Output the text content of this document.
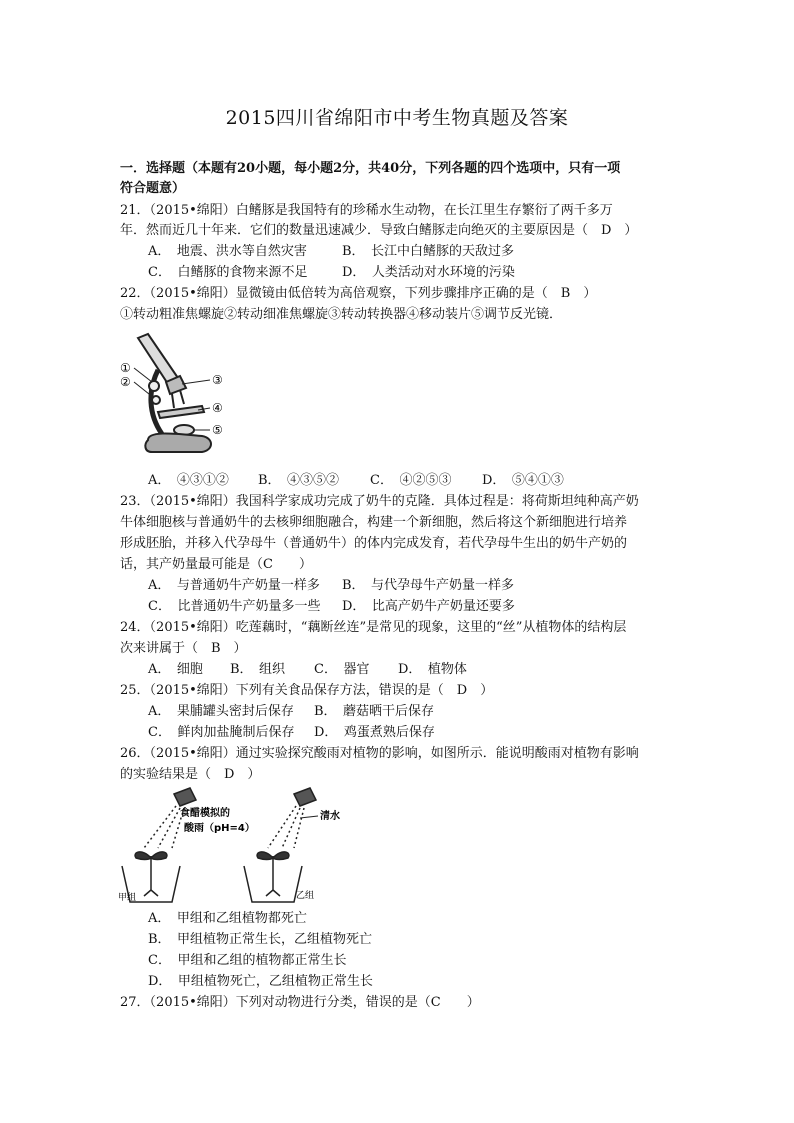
2015四川省绵阳市中考生物真题及答案
一．选择题（本题有20小题，每小题2分，共40分，下列各题的四个选项中，只有一项
符合题意）
21．（2015•绵阳）白鳍豚是我国特有的珍稀水生动物，在长江里生存繁衍了两千多万
年．然而近几十年来．它们的数量迅速减少．导致白鳍豚走向绝灭的主要原因是（　D　）
A．　地震、洪水等自然灾害	B．　长江中白鳍豚的天敌过多
C．　白鳍豚的食物来源不足	D．　人类活动对水环境的污染
22．（2015•绵阳）显微镜由低倍转为高倍观察，下列步骤排序正确的是（　B　）
①转动粗准焦螺旋②转动细准焦螺旋③转动转换器④移动装片⑤调节反光镜．
①
②	③
④
⑤
A．　④③①② B．　④③⑤② C．　④②⑤③ D．　⑤④①③
23．（2015•绵阳）我国科学家成功完成了奶牛的克隆．具体过程是：将荷斯坦纯种高产奶
牛体细胞核与普通奶牛的去核卵细胞融合，构建一个新细胞，然后将这个新细胞进行培养
形成胚胎，并移入代孕母牛（普通奶牛）的体内完成发育，若代孕母牛生出的奶牛产奶的
话，其产奶量最可能是（C　　）
A．　与普通奶牛产奶量一样多 B．　与代孕母牛产奶量一样多
C．　比普通奶牛产奶量多一些 D．　比高产奶牛产奶量还要多
24．（2015•绵阳）吃莲藕时，“藕断丝连”是常见的现象，这里的“丝”从植物体的结构层
次来讲属于（　B　）
A．　细胞 B．　组织 C．　器官 D．　植物体
25．（2015•绵阳）下列有关食品保存方法，错误的是（　D　）
A．　果脯罐头密封后保存 B．　蘑菇晒干后保存
C．　鲜肉加盐腌制后保存 D．　鸡蛋煮熟后保存
26．（2015•绵阳）通过实验探究酸雨对植物的影响，如图所示．能说明酸雨对植物有影响
的实验结果是（　D　）
食醋模拟的
酸雨（pH=4）
清水
甲组	乙组
A．　甲组和乙组植物都死亡
B．　甲组植物正常生长，乙组植物死亡
C．　甲组和乙组的植物都正常生长
D．　甲组植物死亡，乙组植物正常生长
27．（2015•绵阳）下列对动物进行分类，错误的是（C　　）
